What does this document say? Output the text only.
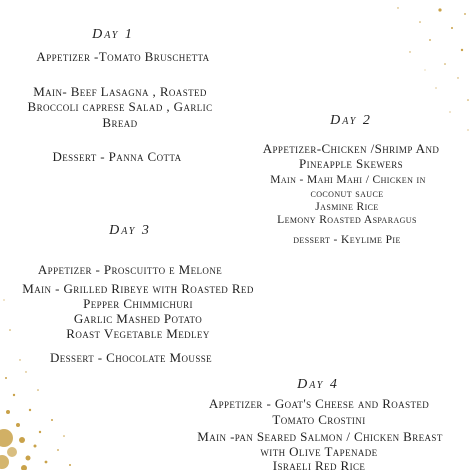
Day 1
Appetizer -Tomato Bruschetta
Main- Beef Lasagna , Roasted
Broccoli caprese Salad , Garlic
Bread
Dessert - Panna Cotta
Day 2
Appetizer-Chicken /Shrimp And
Pineapple Skewers
Main - Mahi Mahi / Chicken in
coconut sauce
Jasmine Rice
Lemony Roasted Asparagus
dessert - Keylime Pie
Day 3
Appetizer - Proscuitto e Melone
Main - Grilled Ribeye with Roasted Red
Pepper Chimmichuri
Garlic Mashed Potato
Roast Vegetable Medley
Dessert - Chocolate Mousse
Day 4
Appetizer - Goat's Cheese and Roasted
Tomato Crostini
Main -pan Seared Salmon / Chicken Breast
with Olive Tapenade
Israeli Red Rice
